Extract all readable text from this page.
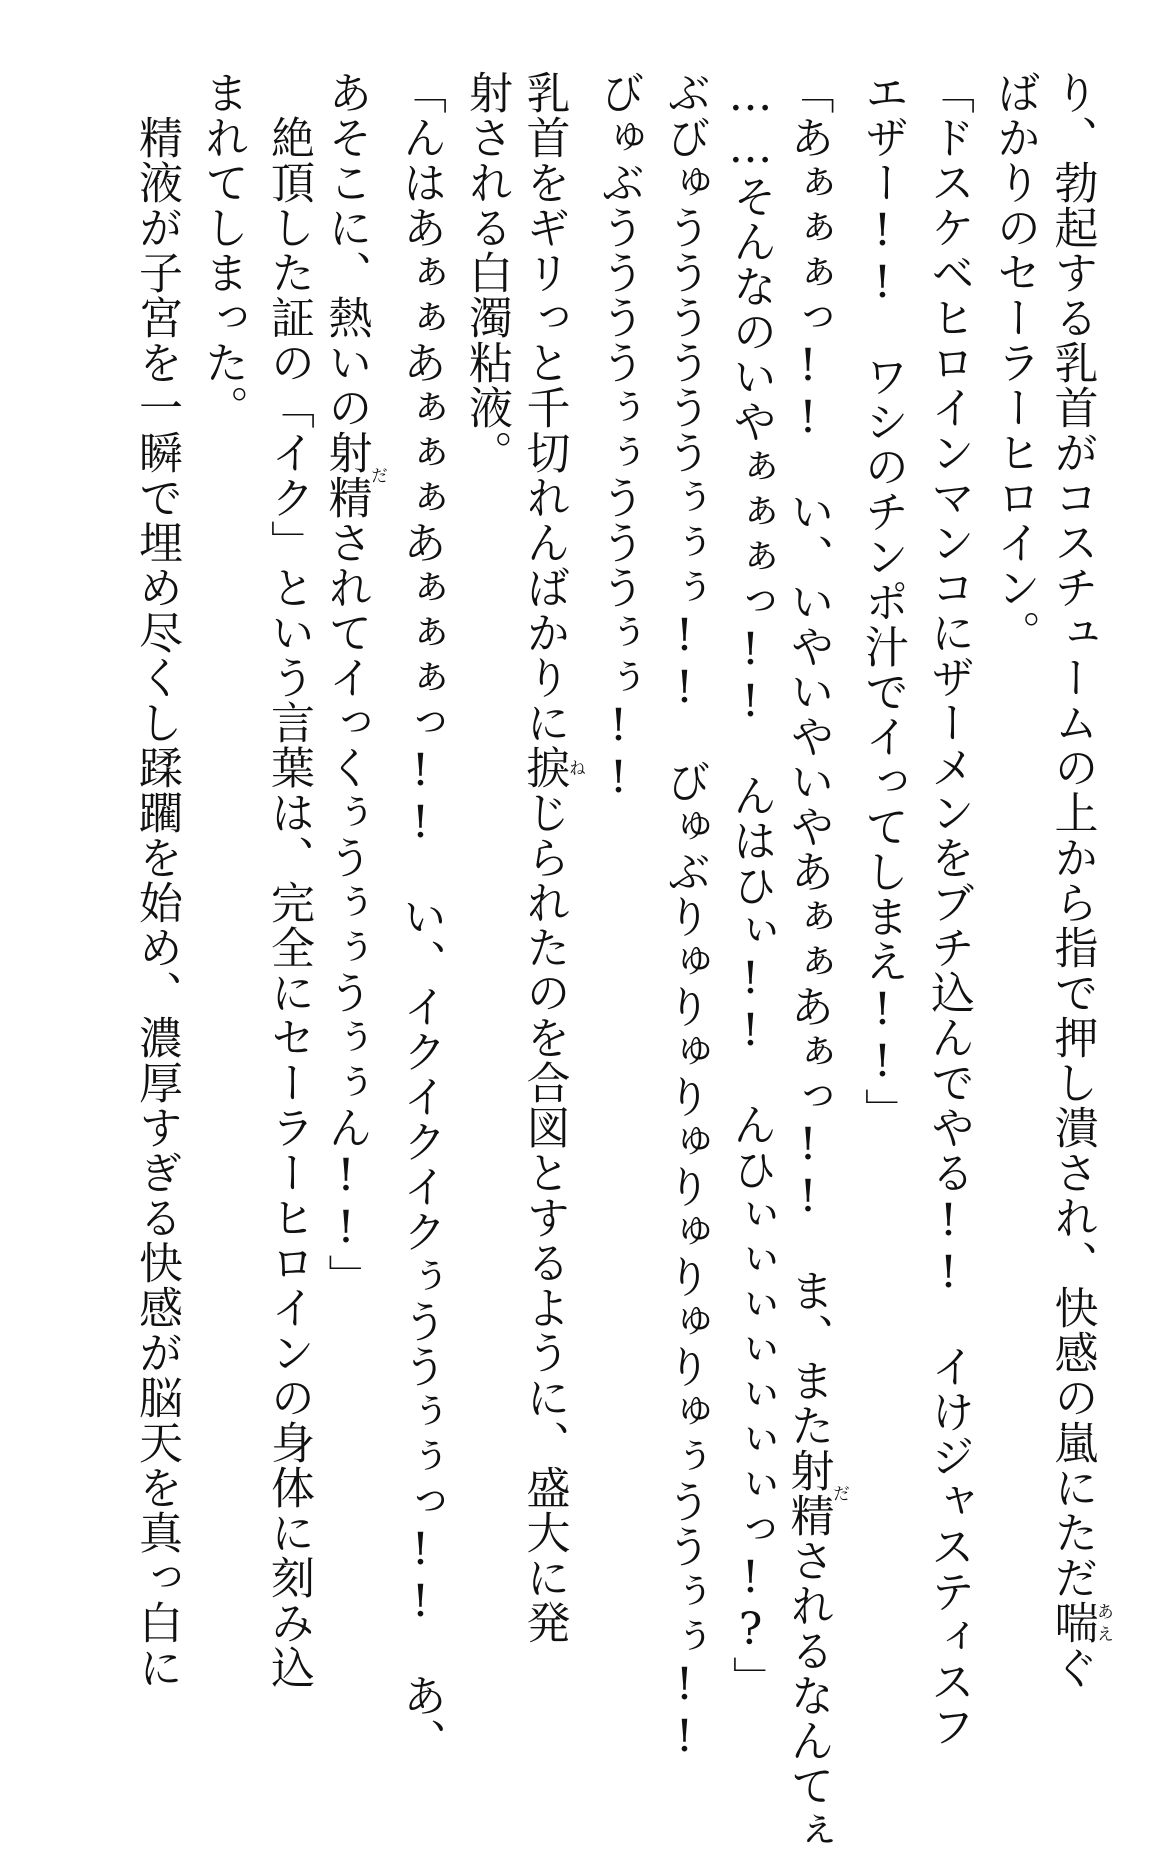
り、勃起する乳首がコスチュームの上から指で押し潰され、快感の嵐にただ喘あえぐ
ばかりのセーラーヒロイン。
「ドスケベヒロインマンコにザーメンをブチ込んでやる!!　イけジャスティスフ
エザー!!　ワシのチンポ汁でイってしまえ!!」
「あぁぁぁっ!!　い、いやいやいやあぁぁあぁっ!!　ま、また射精だされるなんてぇ
……そんなのいやぁぁぁっ!!　んはひぃ!!　んひぃぃぃぃぃぃぃっ!?」
ぶびゅううううううぅぅぅ!!　びゅぶりゅりゅりゅりゅりゅりゅぅううぅぅ!!
びゅぶううううぅぅうううぅぅ!!
乳首をギリっと千切れんばかりに捩ねじられたのを合図とするように、盛大に発
射される白濁粘液。
「んはあぁぁあぁぁぁあぁぁぁっ!!　い、イクイクイクぅううぅぅっ!!　あ、
あそこに、熱いの射精だされてイっくぅうぅぅうぅぅん!!」
　絶頂した証の「イク」という言葉は、完全にセーラーヒロインの身体に刻み込
まれてしまった。
　精液が子宮を一瞬で埋め尽くし蹂躙を始め、濃厚すぎる快感が脳天を真っ白に
